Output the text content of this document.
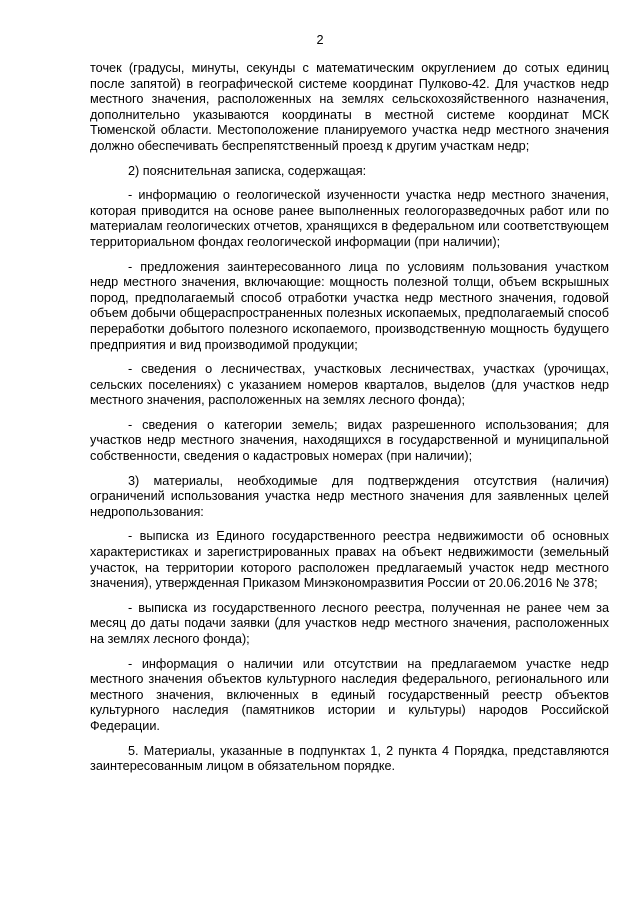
2

точек (градусы, минуты, секунды с математическим округлением до сотых единиц после запятой) в географической системе координат Пулково-42. Для участков недр местного значения, расположенных на землях сельскохозяйственного назначения, дополнительно указываются координаты в местной системе координат МСК Тюменской области. Местоположение планируемого участка недр местного значения должно обеспечивать беспрепятственный проезд к другим участкам недр;

2) пояснительная записка, содержащая:

- информацию о геологической изученности участка недр местного значения, которая приводится на основе ранее выполненных геологоразведочных работ или по материалам геологических отчетов, хранящихся в федеральном или соответствующем территориальном фондах геологической информации (при наличии);

- предложения заинтересованного лица по условиям пользования участком недр местного значения, включающие: мощность полезной толщи, объем вскрышных пород, предполагаемый способ отработки участка недр местного значения, годовой объем добычи общераспространенных полезных ископаемых, предполагаемый способ переработки добытого полезного ископаемого, производственную мощность будущего предприятия и вид производимой продукции;

- сведения о лесничествах, участковых лесничествах, участках (урочищах, сельских поселениях) с указанием номеров кварталов, выделов (для участков недр местного значения, расположенных на землях лесного фонда);

- сведения о категории земель; видах разрешенного использования; для участков недр местного значения, находящихся в государственной и муниципальной собственности, сведения о кадастровых номерах (при наличии);

3) материалы, необходимые для подтверждения отсутствия (наличия) ограничений использования участка недр местного значения для заявленных целей недропользования:

- выписка из Единого государственного реестра недвижимости об основных характеристиках и зарегистрированных правах на объект недвижимости (земельный участок, на территории которого расположен предлагаемый участок недр местного значения), утвержденная Приказом Минэкономразвития России от 20.06.2016 № 378;

- выписка из государственного лесного реестра, полученная не ранее чем за месяц до даты подачи заявки (для участков недр местного значения, расположенных на землях лесного фонда);

- информация о наличии или отсутствии на предлагаемом участке недр местного значения объектов культурного наследия федерального, регионального или местного значения, включенных в единый государственный реестр объектов культурного наследия (памятников истории и культуры) народов Российской Федерации.

5. Материалы, указанные в подпунктах 1, 2 пункта 4 Порядка, представляются заинтересованным лицом в обязательном порядке.
